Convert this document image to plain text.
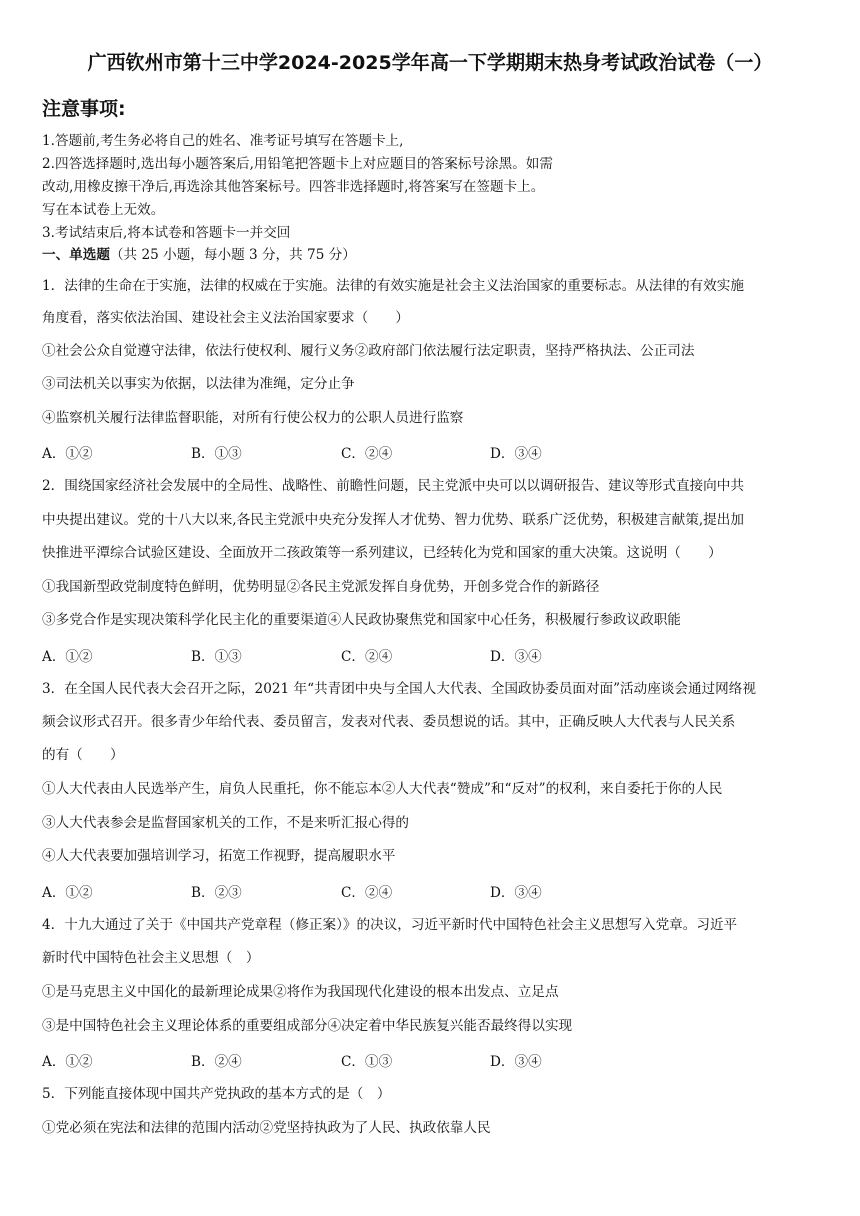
广西钦州市第十三中学2024-2025学年高一下学期期末热身考试政治试卷（一）
注意事项:
1.答题前,考生务必将自己的姓名、准考证号填写在答题卡上,
2.四答选择题时,选出每小题答案后,用铅笔把答题卡上对应题目的答案标号涂黑。如需
改动,用橡皮擦干净后,再选涂其他答案标号。四答非选择题时,将答案写在签题卡上。
写在本试卷上无效。
3.考试结束后,将本试卷和答题卡一并交回
一、单选题（共 25 小题，每小题 3 分，共 75 分）
1．法律的生命在于实施，法律的权威在于实施。法律的有效实施是社会主义法治国家的重要标志。从法律的有效实施
角度看，落实依法治国、建设社会主义法治国家要求（　　）
①社会公众自觉遵守法律，依法行使权利、履行义务②政府部门依法履行法定职责，坚持严格执法、公正司法
③司法机关以事实为依据，以法律为准绳，定分止争
④监察机关履行法律监督职能，对所有行使公权力的公职人员进行监察
A．①②	B．①③	C．②④	D．③④
2．围绕国家经济社会发展中的全局性、战略性、前瞻性问题，民主党派中央可以以调研报告、建议等形式直接向中共
中央提出建议。党的十八大以来,各民主党派中央充分发挥人才优势、智力优势、联系广泛优势，积极建言献策,提出加
快推进平潭综合试验区建设、全面放开二孩政策等一系列建议，已经转化为党和国家的重大决策。这说明（　　）
①我国新型政党制度特色鲜明，优势明显②各民主党派发挥自身优势，开创多党合作的新路径
③多党合作是实现决策科学化民主化的重要渠道④人民政协聚焦党和国家中心任务，积极履行参政议政职能
A．①②	B．①③	C．②④	D．③④
3．在全国人民代表大会召开之际，2021 年“共青团中央与全国人大代表、全国政协委员面对面”活动座谈会通过网络视
频会议形式召开。很多青少年给代表、委员留言，发表对代表、委员想说的话。其中，正确反映人大代表与人民关系
的有（　　）
①人大代表由人民选举产生，肩负人民重托，你不能忘本②人大代表“赞成”和“反对”的权利，来自委托于你的人民
③人大代表参会是监督国家机关的工作，不是来听汇报心得的
④人大代表要加强培训学习，拓宽工作视野，提高履职水平
A．①②	B．②③	C．②④	D．③④
4．十九大通过了关于《中国共产党章程（修正案）》的决议，习近平新时代中国特色社会主义思想写入党章。习近平
新时代中国特色社会主义思想（　）
①是马克思主义中国化的最新理论成果②将作为我国现代化建设的根本出发点、立足点
③是中国特色社会主义理论体系的重要组成部分④决定着中华民族复兴能否最终得以实现
A．①②	B．②④	C．①③	D．③④
5．下列能直接体现中国共产党执政的基本方式的是（　）
①党必须在宪法和法律的范围内活动②党坚持执政为了人民、执政依靠人民
